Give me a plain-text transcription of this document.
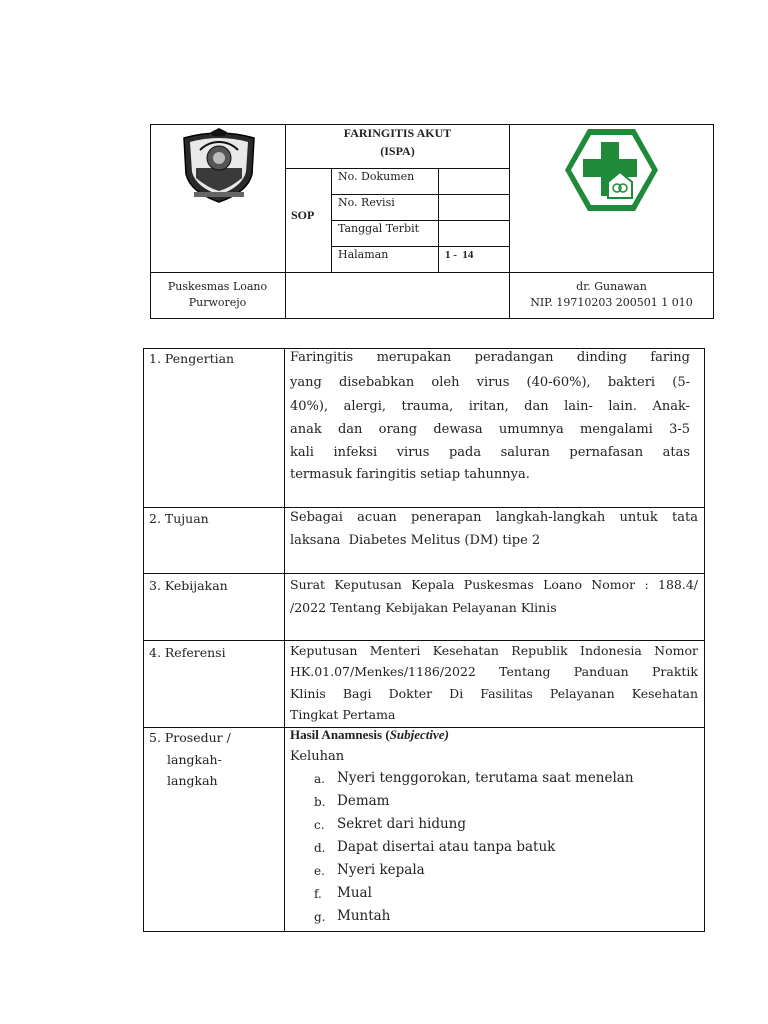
FARINGITIS AKUT
(ISPA)
SOP
No. Dokumen
No. Revisi
Tanggal Terbit
Halaman	1 -  14
Puskesmas Loano
Purworejo
dr. Gunawan
NIP. 19710203 200501 1 010
1. Pengertian	Faringitis merupakan peradangan dinding faring
yang disebabkan oleh virus (40-60%), bakteri (5-
40%), alergi, trauma, iritan, dan lain- lain. Anak-
anak dan orang dewasa umumnya mengalami 3-5
kali infeksi virus pada saluran pernafasan atas
termasuk faringitis setiap tahunnya.
2. Tujuan	Sebagai acuan penerapan langkah-langkah untuk tata
laksana  Diabetes Melitus (DM) tipe 2
3. Kebijakan	Surat Keputusan Kepala Puskesmas Loano Nomor : 188.4/
/2022 Tentang Kebijakan Pelayanan Klinis
4. Referensi	Keputusan Menteri Kesehatan Republik Indonesia Nomor
HK.01.07/Menkes/1186/2022 Tentang Panduan Praktik
Klinis Bagi Dokter Di Fasilitas Pelayanan Kesehatan
Tingkat Pertama
5. Prosedur /
langkah-
langkah
Hasil Anamnesis (Subjective)
Keluhan
a. Nyeri tenggorokan, terutama saat menelan
b. Demam
c. Sekret dari hidung
d. Dapat disertai atau tanpa batuk
e. Nyeri kepala
f. Mual
g. Muntah
